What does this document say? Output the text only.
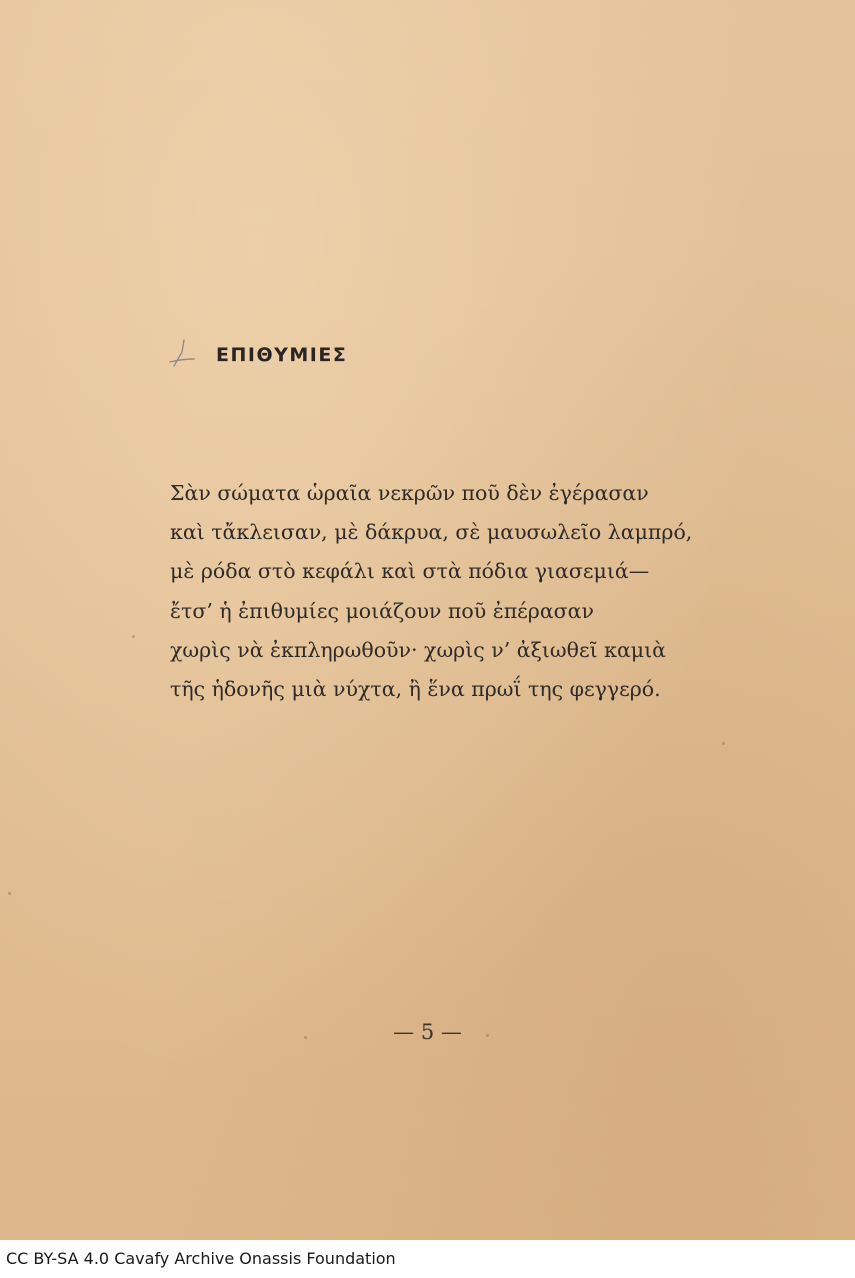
ΕΠΙΘΥΜΙΕΣ
Σὰν σώματα ὡραῖα νεκρῶν ποῦ δὲν ἐγέρασαν
καὶ τἄκλεισαν, μὲ δάκρυα, σὲ μαυσωλεῖο λαμπρό,
μὲ ρόδα στὸ κεφάλι καὶ στὰ πόδια γιασεμιά—
ἔτσ’ ἡ ἐπιθυμίες μοιάζουν ποῦ ἐπέρασαν
χωρὶς νὰ ἐκπληρωθοῦν· χωρὶς ν’ ἀξιωθεῖ καμιὰ
τῆς ἡδονῆς μιὰ νύχτα, ἢ ἕνα πρωΐ της φεγγερό.
— 5 —
CC BY-SA 4.0 Cavafy Archive Onassis Foundation
